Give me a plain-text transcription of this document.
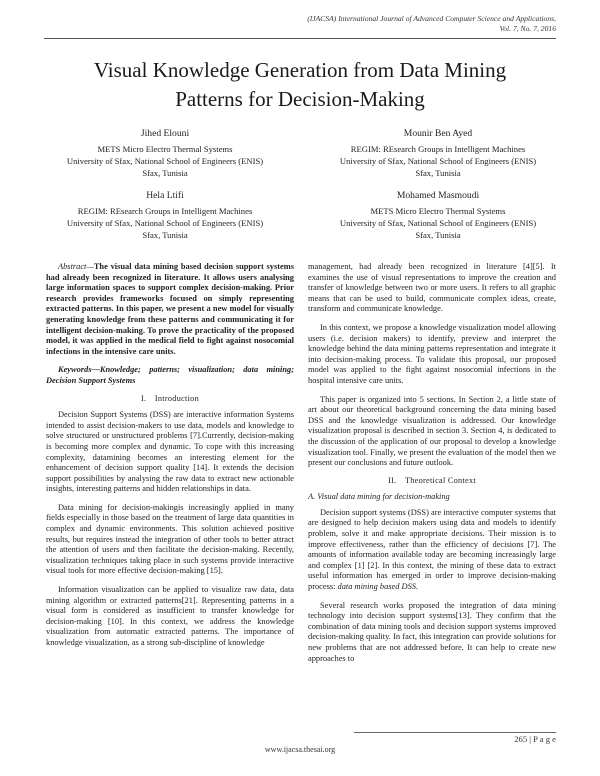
(IJACSA) International Journal of Advanced Computer Science and Applications,
Vol. 7, No. 7, 2016
Visual Knowledge Generation from Data Mining
Patterns for Decision-Making
Jihed Elouni
METS Micro Electro Thermal Systems
University of Sfax, National School of Engineers (ENIS)
Sfax, Tunisia
Mounir Ben Ayed
REGIM: REsearch Groups in Intelligent Machines
University of Sfax, National School of Engineers (ENIS)
Sfax, Tunisia
Hela Ltifi
REGIM: REsearch Groups in Intelligent Machines
University of Sfax, National School of Engineers (ENIS)
Sfax, Tunisia
Mohamed Masmoudi
METS Micro Electro Thermal Systems
University of Sfax, National School of Engineers (ENIS)
Sfax, Tunisia

Abstract—The visual data mining based decision support systems had already been recognized in literature. It allows users analysing large information spaces to support complex decision-making. Prior research provides frameworks focused on simply representing extracted patterns. In this paper, we present a new model for visually generating knowledge from these patterns and communicating it for intelligent decision-making. To prove the practicality of the proposed model, it was applied in the medical field to fight against nosocomial infections in the intensive care units.

Keywords—Knowledge; patterns; visualization; data mining; Decision Support Systems

I. Introduction

Decision Support Systems (DSS) are interactive information Systems intended to assist decision-makers to use data, models and knowledge to solve structured or unstructured problems [7].Currently, decision-making is becoming more complex and dynamic. To cope with this increasing complexity, datamining becomes an interesting element for the enhancement of decision support quality [14]. It extends the decision support possibilities by analysing the raw data to extract new actionable insights, interesting patterns and hidden relationships in data.

Data mining for decision-makingis increasingly applied in many fields especially in those based on the treatment of large data quantities in complex and dynamic environments. This solution achieved positive results, but requires instead the integration of other tools to better attract the attention of users and then facilitate the decision-making. Recently, visualization techniques taking place in such systems provide interactive visual tools for more effective decision-making [15].

Information visualization can be applied to visualize raw data, data mining algorithm or extracted patterns[21]. Representing patterns in a visual form is considered as insufficient to transfer knowledge for decision-making [10]. In this context, we address the knowledge visualization from automatic extracted patterns. The importance of knowledge visualization, as a strong sub-discipline of knowledge

management, had already been recognized in literature [4][5]. It examines the use of visual representations to improve the creation and transfer of knowledge between two or more users. It refers to all graphic means that can be used to build, communicate complex ideas, create, transform and communicate knowledge.

In this context, we propose a knowledge visualization model allowing users (i.e. decision makers) to identify, preview and interpret the knowledge behind the data mining patterns representation and integrate it into decision-making process. To validate this proposal, our proposed model was applied to the fight against nosocomial infections in the hospital intensive care units.

This paper is organized into 5 sections. In Section 2, a little state of art about our theoretical background concerning the data mining based DSS and the knowledge visualization is addressed. Our knowledge visualization proposal is described in section 3. Section 4, is dedicated to the discussion of the application of our proposal to develop a knowledge visualization tool. Finally, we present the evaluation of the model then we present our conclusions and future outlook.

II. Theoretical Context
A. Visual data mining for decision-making

Decision support systems (DSS) are interactive computer systems that are designed to help decision makers using data and models to identify problem, solve it and make appropriate decisions. Their mission is to improve effectiveness, rather than the efficiency of decisions [7]. The amounts of information available today are becoming increasingly large and complex [1] [2]. In this context, the mining of these data to extract useful information has emerged in order to improve decision-making process: data mining based DSS.

Several research works proposed the integration of data mining technology into decision support systems[13]. They confirm that the combination of data mining tools and decision support systems improved decision-making quality. In fact, this integration can provide solutions for new problems that are not addressed before. It can help to create new approaches to

265 | P a g e
www.ijacsa.thesai.org
